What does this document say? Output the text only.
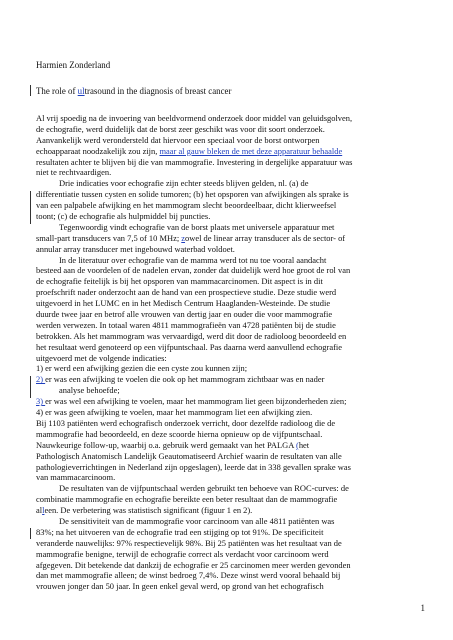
Harmien Zonderland
The role of ultrasound in the diagnosis of breast cancer
Al vrij spoedig na de invoering van beeldvormend onderzoek door middel van geluidsgolven,
de echografie, werd duidelijk dat de borst zeer geschikt was voor dit soort onderzoek.
Aanvankelijk werd verondersteld dat hiervoor een speciaal voor de borst ontworpen
echoapparaat noodzakelijk zou zijn, maar al gauw bleken de met deze apparatuur behaalde
resultaten achter te blijven bij die van mammografie. Investering in dergelijke apparatuur was
niet te rechtvaardigen.
Drie indicaties voor echografie zijn echter steeds blijven gelden, nl. (a) de
differentiatie tussen cysten en solide tumoren; (b) het opsporen van afwijkingen als sprake is
van een palpabele afwijking en het mammogram slecht beoordeelbaar, dicht klierweefsel
toont; (c) de echografie als hulpmiddel bij puncties.
Tegenwoordig vindt echografie van de borst plaats met universele apparatuur met
small-part transducers van 7,5 of 10 MHz; zowel de linear array transducer als de sector- of
annular array transducer met ingebouwd waterbad voldoet.
In de literatuur over echografie van de mamma werd tot nu toe vooral aandacht
besteed aan de voordelen of de nadelen ervan, zonder dat duidelijk werd hoe groot de rol van
de echografie feitelijk is bij het opsporen van mammacarcinomen. Dit aspect is in dit
proefschrift nader onderzocht aan de hand van een prospectieve studie. Deze studie werd
uitgevoerd in het LUMC en in het Medisch Centrum Haaglanden-Westeinde. De studie
duurde twee jaar en betrof alle vrouwen van dertig jaar en ouder die voor mammografie
werden verwezen. In totaal waren 4811 mammografieën van 4728 patiënten bij de studie
betrokken. Als het mammogram was vervaardigd, werd dit door de radioloog beoordeeld en
het resultaat werd genoteerd op een vijfpuntschaal. Pas daarna werd aanvullend echografie
uitgevoerd met de volgende indicaties:
1) er werd een afwijking gezien die een cyste zou kunnen zijn;
2) er was een afwijking te voelen die ook op het mammogram zichtbaar was en nader
analyse behoefde;
3) er was wel een afwijking te voelen, maar het mammogram liet geen bijzonderheden zien;
4) er was geen afwijking te voelen, maar het mammogram liet een afwijking zien.
Bij 1103 patiënten werd echografisch onderzoek verricht, door dezelfde radioloog die de
mammografie had beoordeeld, en deze scoorde hierna opnieuw op de vijfpuntschaal.
Nauwkeurige follow-up, waarbij o.a. gebruik werd gemaakt van het PALGA (het
Pathologisch Anatomisch Landelijk Geautomatiseerd Archief waarin de resultaten van alle
pathologieverrichtingen in Nederland zijn opgeslagen), leerde dat in 338 gevallen sprake was
van mammacarcinoom.
De resultaten van de vijfpuntschaal werden gebruikt ten behoeve van ROC-curves: de
combinatie mammografie en echografie bereikte een beter resultaat dan de mammografie
alleen. De verbetering was statistisch significant (figuur 1 en 2).
De sensitiviteit van de mammografie voor carcinoom van alle 4811 patiënten was
83%; na het uitvoeren van de echografie trad een stijging op tot 91%. De specificiteit
veranderde nauwelijks: 97% respectievelijk 98%. Bij 25 patiënten was het resultaat van de
mammografie benigne, terwijl de echografie correct als verdacht voor carcinoom werd
afgegeven. Dit betekende dat dankzij de echografie er 25 carcinomen meer werden gevonden
dan met mammografie alleen; de winst bedroeg 7,4%. Deze winst werd vooral behaald bij
vrouwen jonger dan 50 jaar. In geen enkel geval werd, op grond van het echografisch
1
